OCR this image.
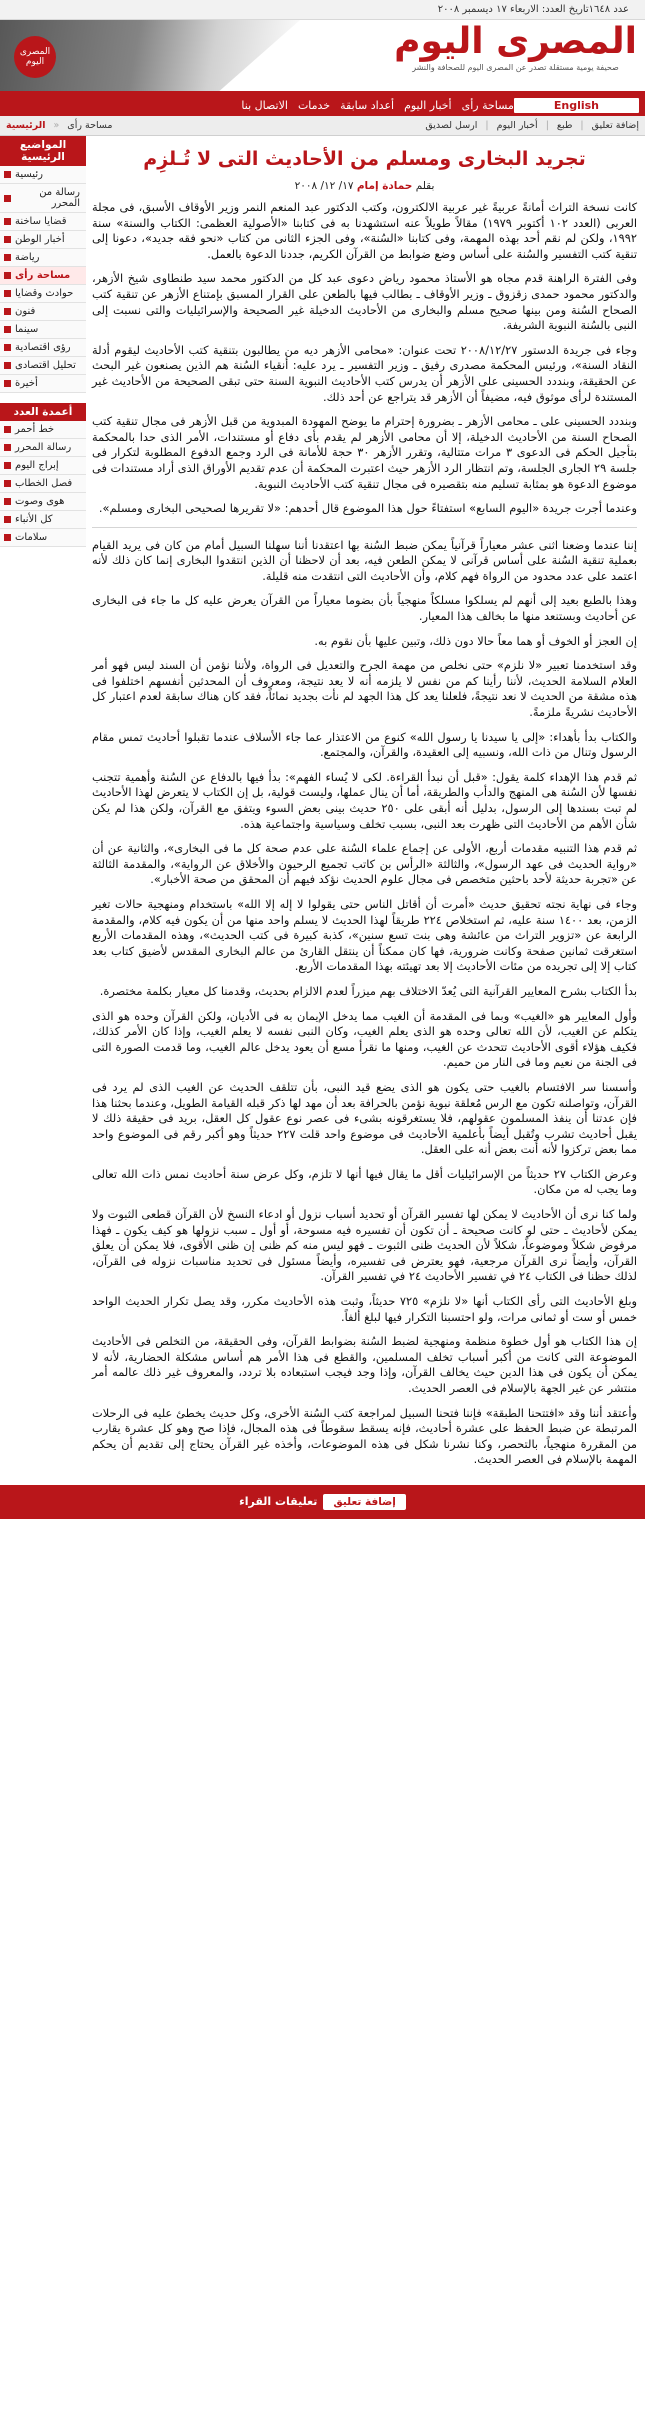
عدد ١٦٤٨
تاريخ العدد: الاربعاء ١٧ ديسمبر ٢٠٠٨
المصرى اليوم	المصرى اليوم
صحيفة يومية مستقلة تصدر عن المصرى اليوم للصحافة والنشر
English
مساحة رأى
أخبار اليوم
أعداد سابقة
خدمات
الاتصال بنا
إضافة تعليق
|
طبع
|
أخبار اليوم
|
ارسل لصديق
مساحة رأى
«
الرئيسية
تجريد البخارى ومسلم من الأحاديث التى لا تُـلزِم
بقلم حمادة إمام ١٧/ ١٢/ ٢٠٠٨

كانت نسخة التراث أمانةً عربيةً غير عربية الالكترون، وكتب الدكتور عبد المنعم النمر وزير الأوقاف الأسبق، فى مجلة العربى (العدد ١٠٢ أكتوبر ١٩٧٩) مقالاً طويلاً عنه استشهدنا به فى كتابنا «الأصولية العظمى: الكتاب والسنة» سنة ١٩٩٢، ولكن لم نقم أحد بهذه المهمة، وفى كتابنا «السُنة»، وفى الجزء الثانى من كتاب «نحو فقه جديد»، دعونا إلى تنقية كتب التفسير والسُنة على أساس وضع ضوابط من القرآن الكريم، جددنا الدعوة بالعمل.

وفى الفترة الراهنة قدم مجاه هو الأستاذ محمود رياض دعوى عبد كل من الدكتور محمد سيد طنطاوى شيخ الأزهر، والدكتور محمود حمدى زقزوق ـ وزير الأوقاف ـ بطالب فيها بالطعن على القرار المسبق بإمتناع الأزهر عن تنقية كتب الصحاح السُنة ومن بينها صحيح مسلم والبخارى من الأحاديث الدخيلة غير الصحيحة والإسرائيليات والتى نسبت إلى النبى بالسُنة النبوية الشريفة.

وجاء فى جريدة الدستور ٢٠٠٨/١٢/٢٧ تحت عنوان: «محامى الأزهر ديه من يطالبون بتنقية كتب الأحاديث ليقوم أدلة النقاد السنة»، ورئيس المحكمة مصدرى رفيق ـ وزير التفسير ـ يرد عليه: أنقياء السُنة هم الذين يصنعون غير البحث عن الحقيقة، وبنددد الحسينى على الأزهر أن يدرس كتب الأحاديث النبوية السنة حتى تبقى الصحيحة من الأحاديث غير المستندة لرأى موثوق فيه، مضيفاً أن الأزهر قد يتراجع عن أحد ذلك.

وبنددد الحسينى على ـ محامى الأزهر ـ بضرورة إحترام ما يوضح المهودة المبدوية من قبل الأزهر فى مجال تنقية كتب الصحاح السنة من الأحاديث الدخيلة، إلا أن محامى الأزهر لم يقدم بأى دفاع أو مستندات، الأمر الذى حدا بالمحكمة بتأجيل الحكم فى الدعوى ٣ مرات متتالية، وتقرر الأزهر ٣٠ حجة للأمانة فى الرد وجمع الدفوع المطلوبة لتكرار فى جلسة ٢٩ الجارى الجلسة، وتم انتظار الرد الأزهر حيث اعتبرت المحكمة أن عدم تقديم الأوراق الذى أراد مستندات فى موضوع الدعوة هو بمثابة تسليم منه بتقصيره فى مجال تنقية كتب الأحاديث النبوية.

وعندما أجرت جريدة «اليوم السابع» استفتاءً حول هذا الموضوع قال أحدهم: «لا تقريرها لصحيحى البخارى ومسلم».

إننا عندما وضعنا اثنى عشر معياراً قرآنياً يمكن ضبط السُنة بها اعتقدنا أننا سهلنا السبيل أمام من كان فى يريد القيام بعملية تنقية السُنة على أساس قرآنى لا يمكن الطعن فيه، بعد أن لاحظنا أن الذين انتقدوا البخارى إنما كان ذلك لأنه اعتمد على عدد محدود من الرواة فهم كلام، وأن الأحاديث التى انتقدت منه قليلة.

وهذا بالطبع بعيد إلى أنهم لم يسلكوا مسلكاً منهجياً بأن بضوما معياراً من القرآن يعرض عليه كل ما جاء فى البخارى عن أحاديث وبستنعد منها ما بخالف هذا المعيار.

إن العجز أو الخوف أو هما معاً حالا دون ذلك، وتبين عليها بأن نقوم به.

وقد استخدمنا تعبير «لا نلزم» حتى نخلص من مهمة الجرح والتعديل فى الرواة، ولأننا نؤمن أن السند ليس فهو أمر العلام السلامة الحديث، لأننا رأينا كم من نفس لا يلزمه أنه لا يعد نتيجة، ومعروف أن المحدثين أنفسهم اختلفوا فى هذه مشقة من الحديث لا نعد نتيجةً، فلعلنا يعد كل هذا الجهد لم نأت بجديد نمائاً، فقد كان هناك سابقة لعدم اعتبار كل الأحاديث نشريةً ملزمةً.

والكتاب بدأ بأهداء: «إلى يا سيدنا يا رسول الله» كنوع من الاعتذار عما جاء الأسلاف عندما تقبلوا أحاديث تمس مقام الرسول وتنال من ذات الله، ونسبيه إلى العقيدة، والقرآن، والمجتمع.

ثم قدم هذا الإهداء كلمة يقول: «قبل أن نبدأ القراءة. لكى لا يُساء الفهم»: بدأ فيها بالدفاع عن السُنة وأهمية تتجنب نفسها لأن السُنة هى المنهج والدأب والطريقة، أما أن ينال عملها، وليست قولية، بل إن الكتاب لا يتعرض لهذا الأحاديث لم تبت بسندها إلى الرسول، بدليل أنه أبقى على ٢٥٠ حديث بينى بعض السوء ويتفق مع القرآن، ولكن هذا لم يكن شأن الأهم من الأحاديث التى ظهرت بعد النبى، بسبب تخلف وسياسية واجتماعية هذه.

ثم قدم هذا التنبيه مقدمات أربع، الأولى عن إجماع علماء السُنة على عدم صحة كل ما فى البخارى»، والثانية عن أن «رواية الحديث فى عهد الرسول»، والثالثة «الرأس بن كاتب تجميع الرحيون والأخلاق عن الرواية»، والمقدمة الثالثة عن «تجربة حديثة لأحد باحثين متخصص فى مجال علوم الحديث نؤكد فيهم أن المحقق من صحة الأخبار».

وجاء فى نهاية نجته تحقيق حديث «أمرت أن أقاتل الناس حتى يقولوا لا إله إلا الله» باستخدام ومنهجية حالات تغير الزمن، بعد ١٤٠٠ سنة عليه، ثم استخلاص ٢٢٤ طريقاً لهذا الحديث لا يسلم واحد منها من أن يكون فيه كلام، والمقدمة الرابعة عن «تزوير التراث من عائشة وهى بنت تسع سنين»، كذبة كبيرة فى كتب الحديث»، وهذه المقدمات الأربع استغرقت ثمانين صفحة وكانت ضرورية، فها كان ممكناً أن ينتقل القارئ من عالم البخارى المقدس لأضيق كتاب بعد كتاب إلا إلى تجريده من مئات الأحاديث إلا بعد تهيئته بهذا المقدمات الأربع.

بدأ الكتاب بشرح المعايير القرآنية التى يُعدّ الاختلاف بهم ميزراً لعدم الالزام بحديث، وقدمنا كل معيار بكلمة مختصرة.

وأول المعايير هو «الغيب» وبما فى المقدمة أن الغيب مما يدخل الإيمان به فى الأديان، ولكن القرآن وحده هو الذى يتكلم عن الغيب، لأن الله تعالى وحده هو الذى يعلم الغيب، وكان النبى نفسه لا يعلم الغيب، وإذا كان الأمر كذلك، فكيف هؤلاء أقوى الأحاديث تتحدث عن الغيب، ومنها ما نقرأ مسع أن يعود يدخل عالم الغيب، وما قدمت الصورة التى فى الجنة من نعيم وما فى النار من حميم.

وأسسنا سر الافتسام بالغيب حتى يكون هو الذى يضع قيد النبى، بأن تتلقف الحديث عن الغيب الذى لم يرد فى القرآن، وتواصلنه تكون مع الرس مُعلقة نبوية نؤمن بالحرافة بعد أن مهد لها ذكر قبله القيامة الطويل، وعندما بحثنا هذا فإن عدتنا أن ينفذ المسلمون عقولهم، فلا يستغرقونه بشىء فى عصر نوع عقول كل العقل، بريد فى حقيقة ذلك لا يقبل أحاديث تشرب وتُقبل أيضاً بأعلمية الأحاديث فى موضوع واحد قلت ٢٢٧ حديثاً وهو أكبر رقم فى الموضوع واحد مما بعض تركزوا لأنه أنت بعض أنه على العقل.

وعرض الكتاب ٢٧ حديثاً من الإسرائيليات أقل ما يقال فيها أنها لا تلزم، وكل عرض سنة أحاديث نمس ذات الله تعالى وما يجب له من مكان.

ولما كنا نرى أن الأحاديث لا يمكن لها تفسير القرآن أو تحديد أسباب نزول أو ادعاء النسخ لأن القرآن قطعى الثبوت ولا يمكن لأحاديث ـ حتى لو كانت صحيحة ـ أن تكون أن تفسيره فيه مسوحة، أو أول ـ سبب نزولها هو كيف يكون ـ فهذا مرفوض شكلاً وموضوعاً، شكلاً لأن الحديث ظنى الثبوت ـ فهو ليس منه كم ظنى إن ظنى الأقوى، فلا يمكن أن يعلق القرآن، وأيضاً نرى القرآن مرجعية، فهو يعترض فى تفسيره، وأيضاً مسئول فى تحديد مناسبات نزوله فى القرآن، لذلك حظنا فى الكتاب ٢٤ في تفسير الأحاديث ٢٤ في تفسير القرآن.

وبلغ الأحاديث التى رأى الكتاب أنها «لا نلزم» ٧٢٥ حديثاً، وثبت هذه الأحاديث مكرر، وقد يصل تكرار الحديث الواحد خمس أو ست أو ثمانى مرات، ولو احتسبنا التكرار فيها لبلغ ألفاً.

إن هذا الكتاب هو أول خطوة منظمة ومنهجية لضبط السُنة بضوابط القرآن، وفى الحقيقة، من التخلص فى الأحاديث الموضوعة التى كانت من أكبر أسباب تخلف المسلمين، والقطع فى هذا الأمر هم أساس مشكلة الحضارية، لأنه لا يمكن أن يكون فى هذا الدين حيث يخالف القرآن، وإذا وجد فيجب استبعاده بلا تردد، والمعروف غير ذلك عالمه أمر منتشر عن غير الجهة بالإسلام فى العصر الحديث.

وأعتقد أننا وقد «افتتحنا الطبقة» فإننا فتحنا السبيل لمراجعة كتب السُنة الأخرى، وكل حديث يخطئ عليه فى الرحلات المرتبطة عن ضبط الحفظ على عشرة أحاديث، فإنه يسقط سقوطاً فى هذه المجال، فإذا صح وهو كل عشرة يقارب من المقررة منهجياً، بالتحصر، وكنا نشرنا شكل فى هذه الموضوعات، وأخذه غير القرآن يحتاج إلى تقديم أن يحكم المهمة بالإسلام فى العصر الحديث.

المواضيع الرئيسية
رئيسية
رسالة من المحرر
قضايا ساخنة
أخبار الوطن
رياضة
مساحة رأى
حوادث وقضايا
فنون
سينما
رؤى اقتصادية
تحليل اقتصادى
أخيرة
أعمدة العدد
خط أحمر
رسالة المحرر
إبراج اليوم
فصل الخطاب
هوى وصوت
كل الأنباء
سلامات
إضافة تعليق
تعليقات القراء
